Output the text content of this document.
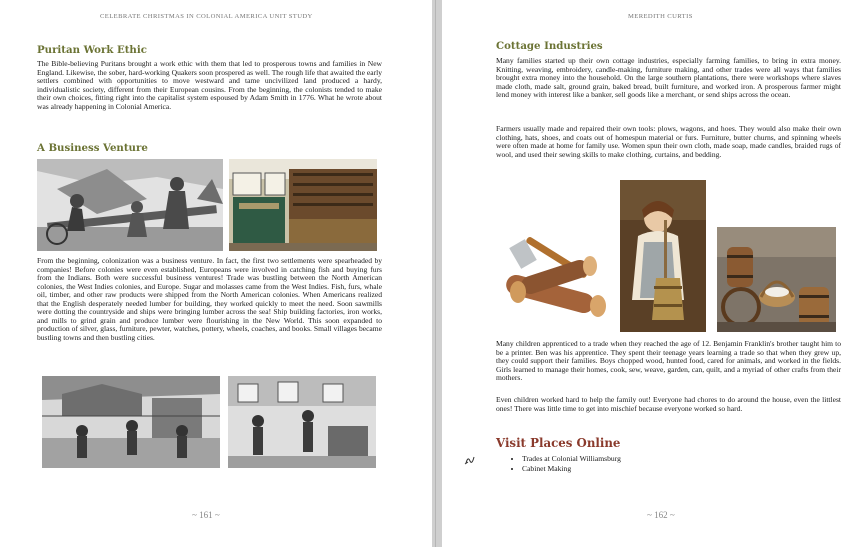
CELEBRATE CHRISTMAS IN COLONIAL AMERICA UNIT STUDY
Puritan Work Ethic

The Bible-believing Puritans brought a work ethic with them that led to prosperous towns and families in New England. Likewise, the sober, hard-working Quakers soon prospered as well. The rough life that awaited the early settlers combined with opportunities to move westward and tame uncivilized land produced a hardy, individualistic society, different from their European cousins. From the beginning, the colonists tended to make their own choices, fitting right into the capitalist system espoused by Adam Smith in 1776. What he wrote about was already happening in Colonial America.

A Business Venture

From the beginning, colonization was a business venture. In fact, the first two settlements were spearheaded by companies! Before colonies were even established, Europeans were involved in catching fish and buying furs from the Indians. Both were successful business ventures! Trade was bustling between the North American colonies, the West Indies colonies, and Europe. Sugar and molasses came from the West Indies. Fish, furs, whale oil, timber, and other raw products were shipped from the North American colonies. When Americans realized that the English desperately needed lumber for building, they worked quickly to meet the need. Soon sawmills were dotting the countryside and ships were bringing lumber across the sea! Ship building factories, iron works, and mills to grind grain and produce lumber were flourishing in the New World. This soon expanded to production of silver, glass, furniture, pewter, watches, pottery, wheels, coaches, and books. Small villages became bustling towns and then bustling cities.

~ 161 ~
MEREDITH CURTIS
Cottage Industries

Many families started up their own cottage industries, especially farming families, to bring in extra money. Knitting, weaving, embroidery, candle-making, furniture making, and other trades were all ways that families brought extra money into the household. On the large southern plantations, there were workshops where slaves made cloth, made salt, ground grain, baked bread, built furniture, and worked iron. A prosperous farmer might lend money with interest like a banker, sell goods like a merchant, or send ships across the ocean.

Farmers usually made and repaired their own tools: plows, wagons, and hoes. They would also make their own clothing, hats, shoes, and coats out of homespun material or furs. Furniture, butter churns, and spinning wheels were often made at home for family use. Women spun their own cloth, made soap, made candles, braided rugs of wool, and used their sewing skills to make clothing, curtains, and bedding.

Many children apprenticed to a trade when they reached the age of 12. Benjamin Franklin's brother taught him to be a printer. Ben was his apprentice. They spent their teenage years learning a trade so that when they grew up, they could support their families. Boys chopped wood, hunted food, cared for animals, and worked in the fields. Girls learned to manage their homes, cook, sew, weave, garden, can, quilt, and a myriad of other crafts from their mothers.

Even children worked hard to help the family out! Everyone had chores to do around the house, even the littlest ones! There was little time to get into mischief because everyone worked so hard.

Visit Places Online
• Trades at Colonial Williamsburg
• Cabinet Making
~ 162 ~
